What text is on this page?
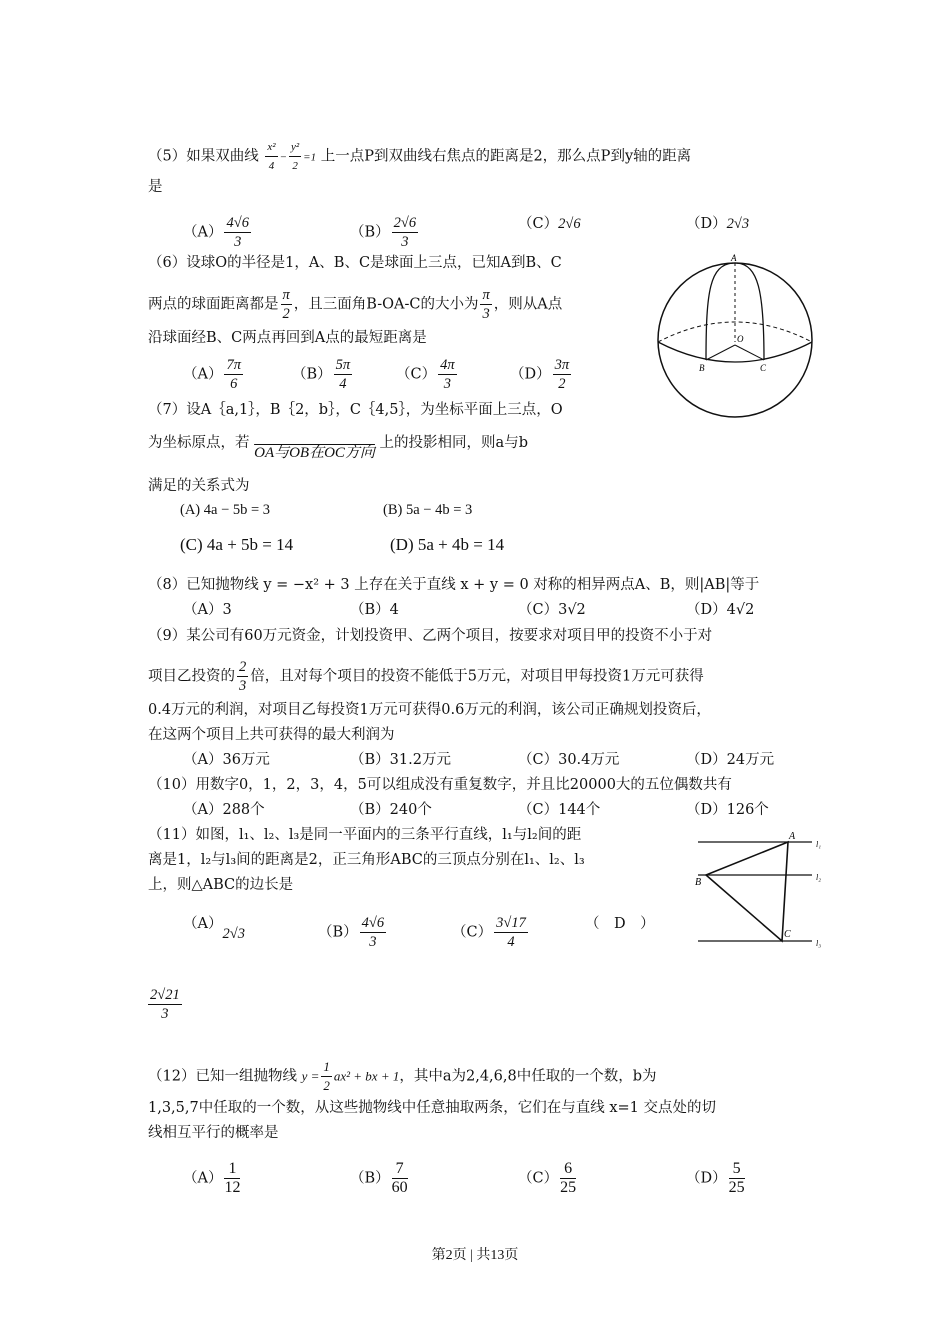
（5）如果双曲线 $\frac{\text{x²}}{4} - \frac{\text{y²}}{2} =1$ 上一点P到双曲线右焦点的距离是2，那么点P到y轴的距离
是
$(A) \frac{4√6}{3}$	$(B) \frac{2√6}{3}$	（C）2√6	（D）2√3
（6）设球O的半径是1，A、B、C是球面上三点，已知A到B、C
两点的球面距离都是 $\frac{\pi}{2}$ ，且三面角B-OA-C的大小为 $\frac{\pi}{3}$ ，则从A点
沿球面经B、C两点再回到A点的最短距离是
$(A) \frac{7\pi}{6}$	$(B) \frac{5\pi}{4}$	$(C) \frac{4\pi}{3}$	$(D) \frac{3\pi}{2}$
A
O
B	C
（7）设A｛a,1｝，B｛2，b｝，C｛4,5｝，为坐标平面上三点，O
为坐标原点，若 OA与OB在OC方向 上的投影相同，则a与b
满足的关系式为
(A) 4a − 5b = 3	(B) 5a − 4b = 3
(C) 4a + 5b = 14	(D) 5a + 4b = 14
（8）已知抛物线 y = −x² + 3 上存在关于直线 x + y = 0 对称的相异两点A、B，则|AB|等于
（A）3	（B）4	（C）3√2	（D）4√2
（9）某公司有60万元资金，计划投资甲、乙两个项目，按要求对项目甲的投资不小于对
项目乙投资的 $\frac{2}{3}$ 倍，且对每个项目的投资不能低于5万元，对项目甲每投资1万元可获得
0.4万元的利润，对项目乙每投资1万元可获得0.6万元的利润，该公司正确规划投资后，
在这两个项目上共可获得的最大利润为
（A）36万元	（B）31.2万元	（C）30.4万元	（D）24万元
（10）用数字0，1，2，3，4，5可以组成没有重复数字，并且比20000大的五位偶数共有
（A）288个	（B）240个	（C）144个	（D）126个
（11）如图，l₁、l₂、l₃是同一平面内的三条平行直线，l₁与l₂间的距
离是1，l₂与l₃间的距离是2，正三角形ABC的三顶点分别在l₁、l₂、l₃
上，则△ABC的边长是
（A）2√3	$(B) \frac{4√6}{3}$	$(C) \frac{3√17}{4}$	（　D　）
$\frac{2√21}{3}$
A
B
C
l₁
l₂
l₃
（12）已知一组抛物线 $y = \frac{1}{2} ax^2$ + bx + 1，其中a为2,4,6,8中任取的一个数，b为
1,3,5,7中任取的一个数，从这些抛物线中任意抽取两条，它们在与直线 x=1 交点处的切
线相互平行的概率是
$(A) \frac{1}{12}$	$(B) \frac{7}{60}$	$(C) \frac{6}{25}$	$(D) \frac{5}{25}$
第2页 | 共13页
